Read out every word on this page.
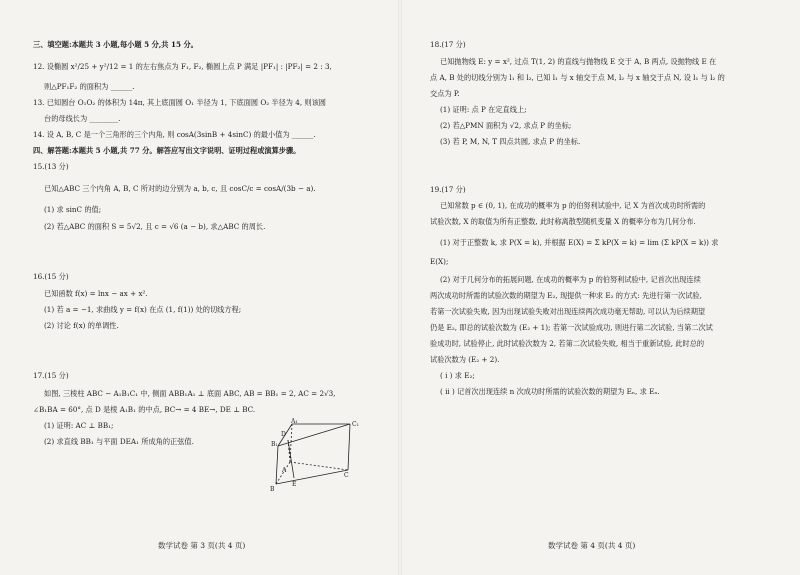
三、填空题:本题共 3 小题,每小题 5 分,共 15 分。
12. 设椭圆 x²/25 + y²/12 = 1 的左右焦点为 F₁, F₂, 椭圆上点 P 满足 |PF₁| : |PF₂| = 2 : 3,
则△PF₁F₂ 的面积为 ______.
13. 已知圆台 O₁O₂ 的体积为 14π, 其上底面圆 O₁ 半径为 1, 下底面圆 O₂ 半径为 4, 则该圆
台的母线长为 ________.
14. 设 A, B, C 是一个三角形的三个内角, 则 cosA(3sinB + 4sinC) 的最小值为 ______.
四、解答题:本题共 5 小题,共 77 分。解答应写出文字说明、证明过程或演算步骤。
15.(13 分)
已知△ABC 三个内角 A, B, C 所对的边分别为 a, b, c, 且 cosC/c = cosA/(3b − a).
(1) 求 sinC 的值;
(2) 若△ABC 的面积 S = 5√2, 且 c = √6 (a − b), 求△ABC 的周长.
16.(15 分)
已知函数 f(x) = lnx − ax + x².
(1) 若 a = −1, 求曲线 y = f(x) 在点 (1, f(1)) 处的切线方程;
(2) 讨论 f(x) 的单调性.
17.(15 分)
如图, 三棱柱 ABC − A₁B₁C₁ 中, 侧面 ABB₁A₁ ⊥ 底面 ABC, AB = BB₁ = 2, AC = 2√3,
∠B₁BA = 60°, 点 D 是棱 A₁B₁ 的中点, BC→ = 4 BE→, DE ⊥ BC.
(1) 证明: AC ⊥ BB₁;
(2) 求直线 BB₁ 与平面 DEA₁ 所成角的正弦值.
A₁	C₁
B₁
D
A
C
E
B
数学试卷 第 3 页(共 4 页)
18.(17 分)
已知抛物线 E: y = x², 过点 T(1, 2) 的直线与抛物线 E 交于 A, B 两点, 设抛物线 E 在
点 A, B 处的切线分别为 l₁ 和 l₂, 已知 l₁ 与 x 轴交于点 M, l₂ 与 x 轴交于点 N, 设 l₁ 与 l₂ 的
交点为 P.
(1) 证明: 点 P 在定直线上;
(2) 若△PMN 面积为 √2, 求点 P 的坐标;
(3) 若 P, M, N, T 四点共圆, 求点 P 的坐标.
19.(17 分)
已知常数 p ∈ (0, 1), 在成功的概率为 p 的伯努利试验中, 记 X 为首次成功时所需的
试验次数, X 的取值为所有正整数, 此时称离散型随机变量 X 的概率分布为几何分布.
(1) 对于正整数 k, 求 P(X = k), 并根据 E(X) = Σ kP(X = k) = lim (Σ kP(X = k)) 求
E(X);
(2) 对于几何分布的拓展问题, 在成功的概率为 p 的伯努利试验中, 记首次出现连续
两次成功时所需的试验次数的期望为 E₂, 现提供一种求 E₂ 的方式: 先进行第一次试验,
若第一次试验失败, 因为出现试验失败对出现连续两次成功毫无帮助, 可以认为后续期望
仍是 E₂, 即总的试验次数为 (E₂ + 1); 若第一次试验成功, 则进行第二次试验, 当第二次试
验成功时, 试验停止, 此时试验次数为 2, 若第二次试验失败, 相当于重新试验, 此时总的
试验次数为 (E₂ + 2).
( i ) 求 E₂;
( ii ) 记首次出现连续 n 次成功时所需的试验次数的期望为 Eₙ, 求 Eₙ.
数学试卷 第 4 页(共 4 页)
